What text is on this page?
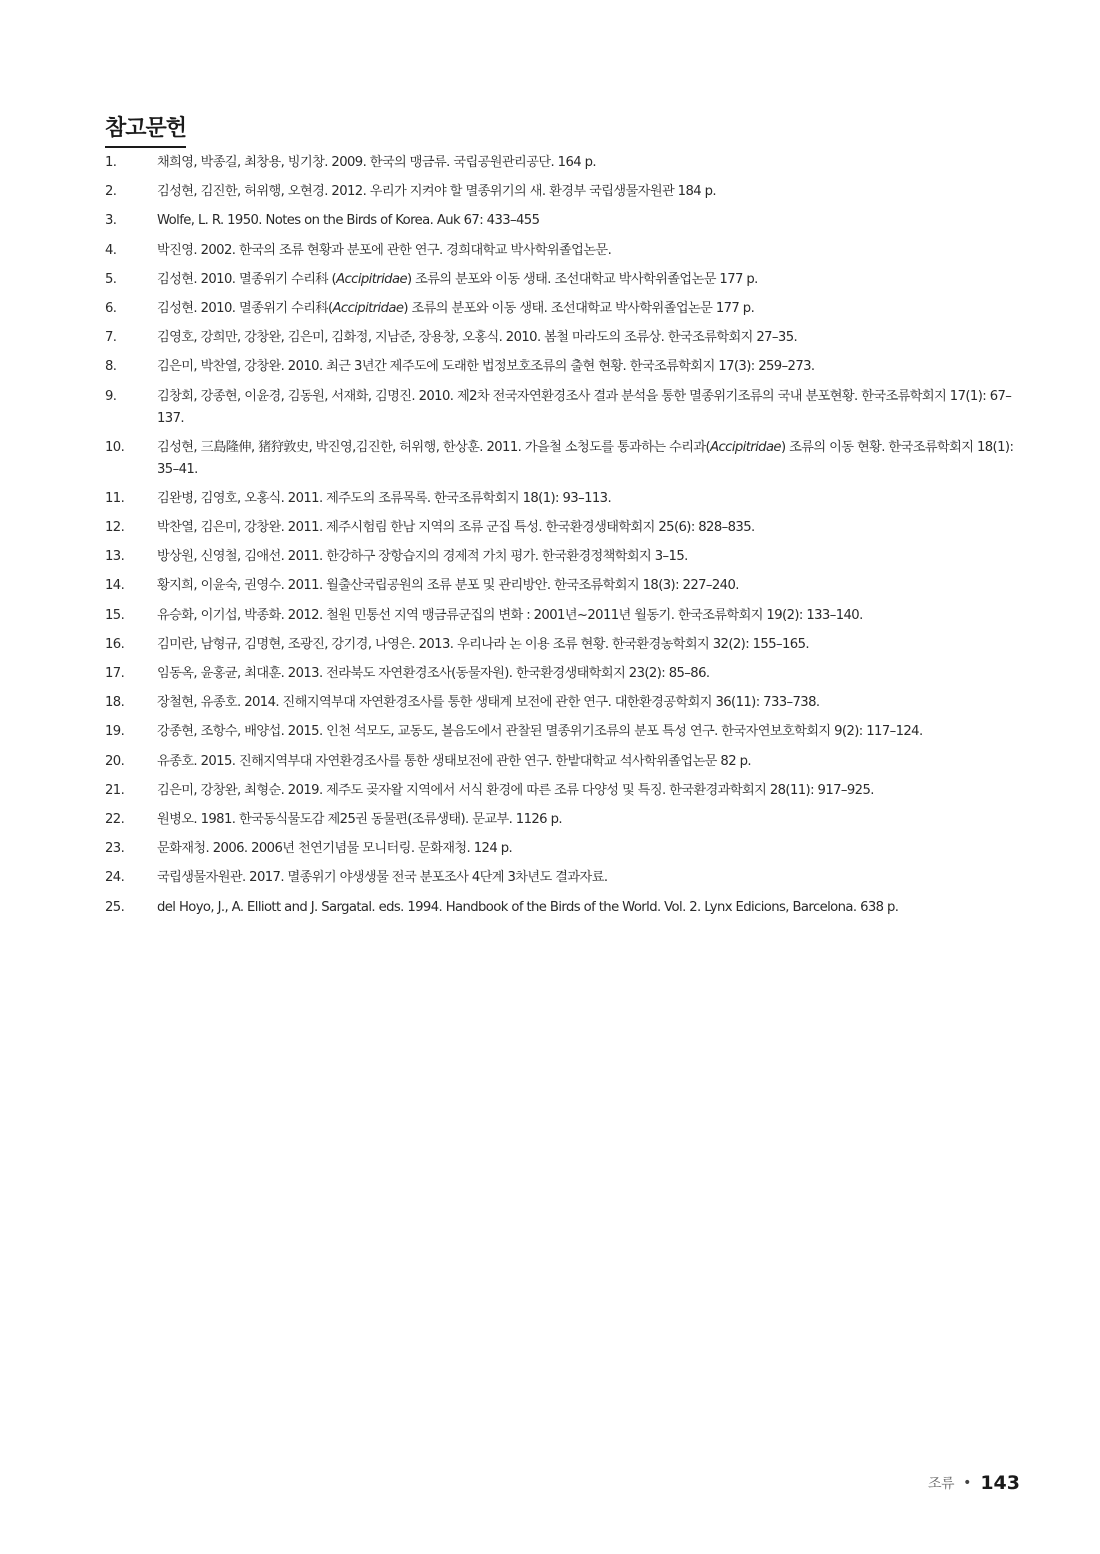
참고문헌
1.	채희영, 박종길, 최창용, 빙기창. 2009. 한국의 맹금류. 국립공원관리공단. 164 p.
2.	김성현, 김진한, 허위행, 오현경. 2012. 우리가 지켜야 할 멸종위기의 새. 환경부 국립생물자원관 184 p.
3.	Wolfe, L. R. 1950. Notes on the Birds of Korea. Auk 67: 433–455
4.	박진영. 2002. 한국의 조류 현황과 분포에 관한 연구. 경희대학교 박사학위졸업논문.
5.	김성현. 2010. 멸종위기 수리科 (Accipitridae) 조류의 분포와 이동 생태. 조선대학교 박사학위졸업논문 177 p.
6.	김성현. 2010. 멸종위기 수리科(Accipitridae) 조류의 분포와 이동 생태. 조선대학교 박사학위졸업논문 177 p.
7.	김영호, 강희만, 강창완, 김은미, 김화정, 지남준, 장용창, 오홍식. 2010. 봄철 마라도의 조류상. 한국조류학회지 27–35.
8.	김은미, 박찬열, 강창완. 2010. 최근 3년간 제주도에 도래한 법정보호조류의 출현 현황. 한국조류학회지 17(3): 259–273.
9.	김창회, 강종현, 이윤경, 김동원, 서재화, 김명진. 2010. 제2차 전국자연환경조사 결과 분석을 통한 멸종위기조류의 국내 분포현황. 한국조류학회지 17(1): 67–137.
10.	김성현, 三島隆伸, 猪狩敦史, 박진영,김진한, 허위행, 한상훈. 2011. 가을철 소청도를 통과하는 수리과(Accipitridae) 조류의 이동 현황. 한국조류학회지 18(1): 35–41.
11.	김완병, 김영호, 오홍식. 2011. 제주도의 조류목록. 한국조류학회지 18(1): 93–113.
12.	박찬열, 김은미, 강창완. 2011. 제주시험림 한남 지역의 조류 군집 특성. 한국환경생태학회지 25(6): 828–835.
13.	방상원, 신영철, 김애선. 2011. 한강하구 장항습지의 경제적 가치 평가. 한국환경정책학회지 3–15.
14.	황지희, 이윤숙, 권영수. 2011. 월출산국립공원의 조류 분포 및 관리방안. 한국조류학회지 18(3): 227–240.
15.	유승화, 이기섭, 박종화. 2012. 철원 민통선 지역 맹금류군집의 변화 : 2001년~2011년 월동기. 한국조류학회지 19(2): 133–140.
16.	김미란, 남형규, 김명현, 조광진, 강기경, 나영은. 2013. 우리나라 논 이용 조류 현황. 한국환경농학회지 32(2): 155–165.
17.	임동옥, 윤홍균, 최대훈. 2013. 전라북도 자연환경조사(동물자원). 한국환경생태학회지 23(2): 85–86.
18.	장철현, 유종호. 2014. 진해지역부대 자연환경조사를 통한 생태계 보전에 관한 연구. 대한환경공학회지 36(11): 733–738.
19.	강종현, 조항수, 배양섭. 2015. 인천 석모도, 교동도, 볼음도에서 관찰된 멸종위기조류의 분포 특성 연구. 한국자연보호학회지 9(2): 117–124.
20.	유종호. 2015. 진해지역부대 자연환경조사를 통한 생태보전에 관한 연구. 한밭대학교 석사학위졸업논문 82 p.
21.	김은미, 강창완, 최형순. 2019. 제주도 곶자왈 지역에서 서식 환경에 따른 조류 다양성 및 특징. 한국환경과학회지 28(11): 917–925.
22.	원병오. 1981. 한국동식물도감 제25권 동물편(조류생태). 문교부. 1126 p.
23.	문화재청. 2006. 2006년 천연기념물 모니터링. 문화재청. 124 p.
24.	국립생물자원관. 2017. 멸종위기 야생생물 전국 분포조사 4단계 3차년도 결과자료.
25.	del Hoyo, J., A. Elliott and J. Sargatal. eds. 1994. Handbook of the Birds of the World. Vol. 2. Lynx Edicions, Barcelona. 638 p.
조류 • 143
